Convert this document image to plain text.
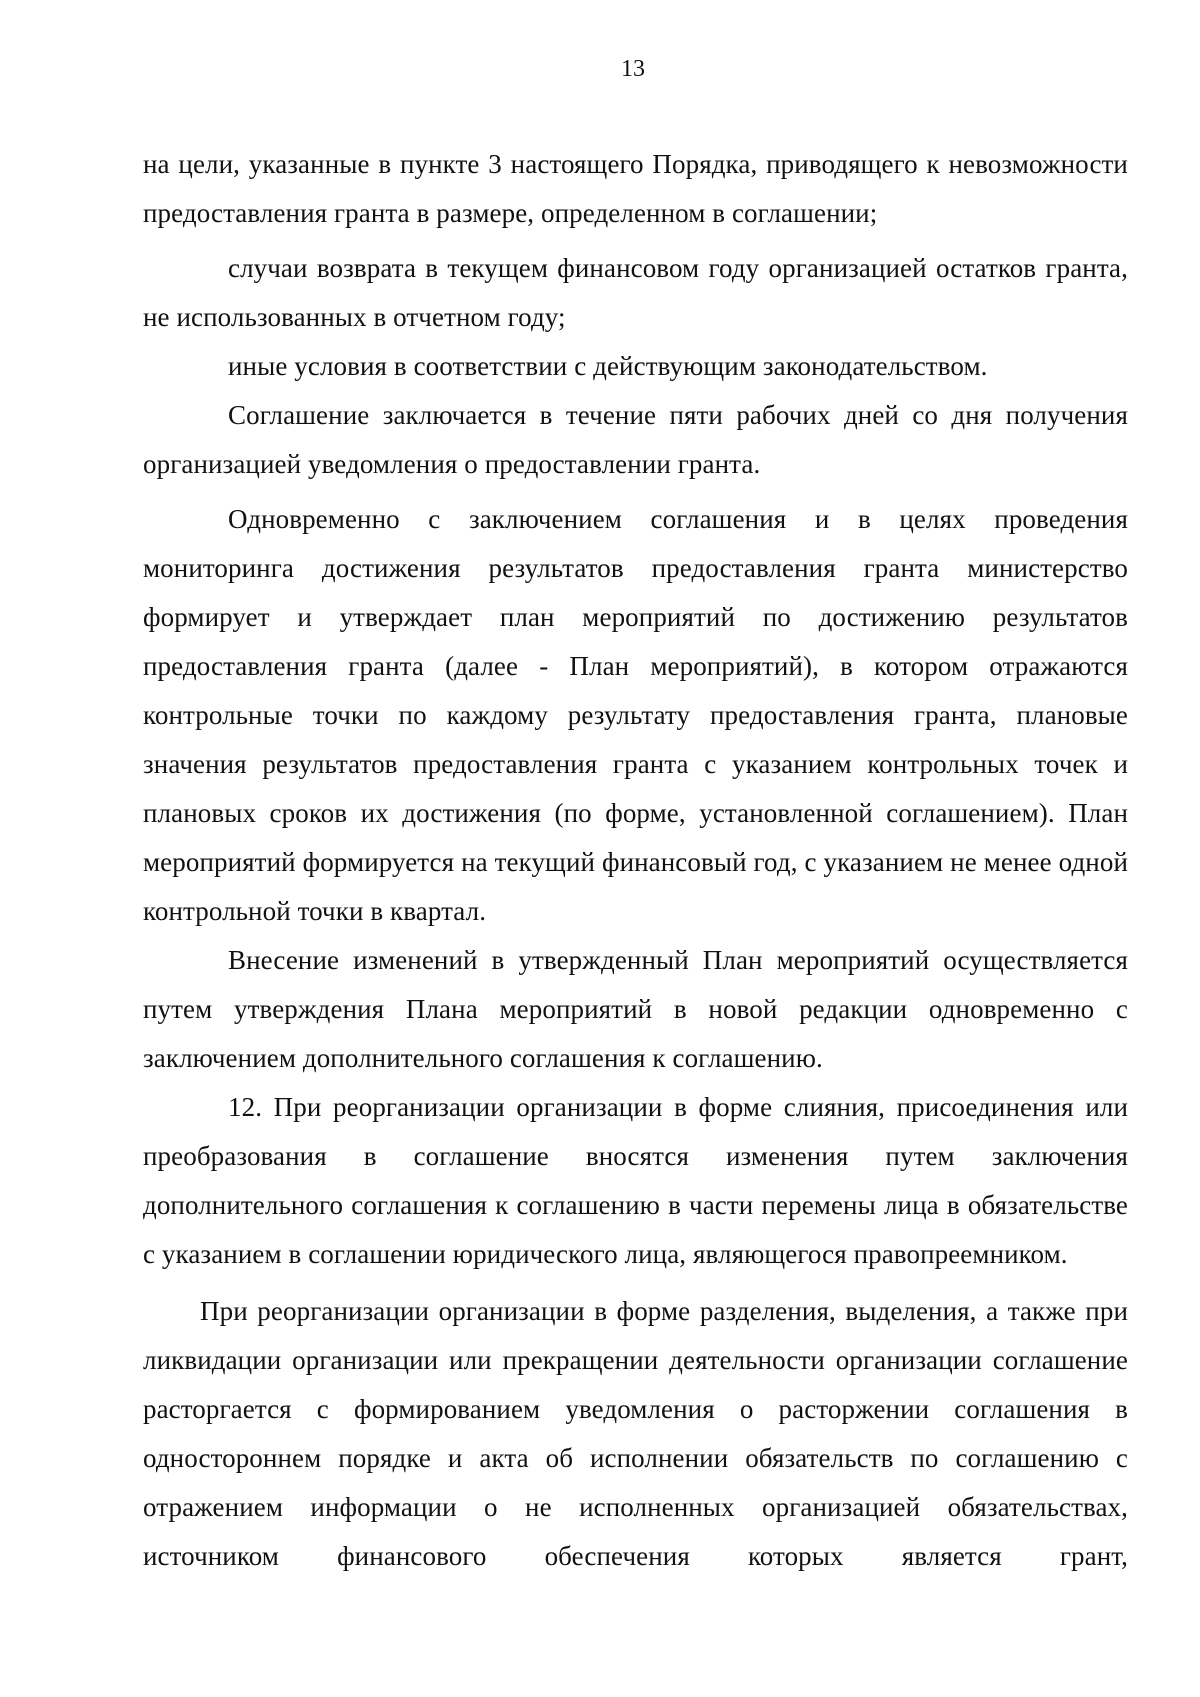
13

на цели, указанные в пункте 3 настоящего Порядка, приводящего к невозможности предоставления гранта в размере, определенном в соглашении;

случаи возврата в текущем финансовом году организацией остатков гранта, не использованных в отчетном году;

иные условия в соответствии с действующим законодательством.

Соглашение заключается в течение пяти рабочих дней со дня получения организацией уведомления о предоставлении гранта.

Одновременно с заключением соглашения и в целях проведения мониторинга достижения результатов предоставления гранта министерство формирует и утверждает план мероприятий по достижению результатов предоставления гранта (далее - План мероприятий), в котором отражаются контрольные точки по каждому результату предоставления гранта, плановые значения результатов предоставления гранта с указанием контрольных точек и плановых сроков их достижения (по форме, установленной соглашением). План мероприятий формируется на текущий финансовый год, с указанием не менее одной контрольной точки в квартал.

Внесение изменений в утвержденный План мероприятий осуществляется путем утверждения Плана мероприятий в новой редакции одновременно с заключением дополнительного соглашения к соглашению.

12. При реорганизации организации в форме слияния, присоединения или преобразования в соглашение вносятся изменения путем заключения дополнительного соглашения к соглашению в части перемены лица в обязательстве с указанием в соглашении юридического лица, являющегося правопреемником.

При реорганизации организации в форме разделения, выделения, а также при ликвидации организации или прекращении деятельности организации соглашение расторгается с формированием уведомления о расторжении соглашения в одностороннем порядке и акта об исполнении обязательств по соглашению с отражением информации о не исполненных организацией обязательствах, источником финансового обеспечения которых является грант,
